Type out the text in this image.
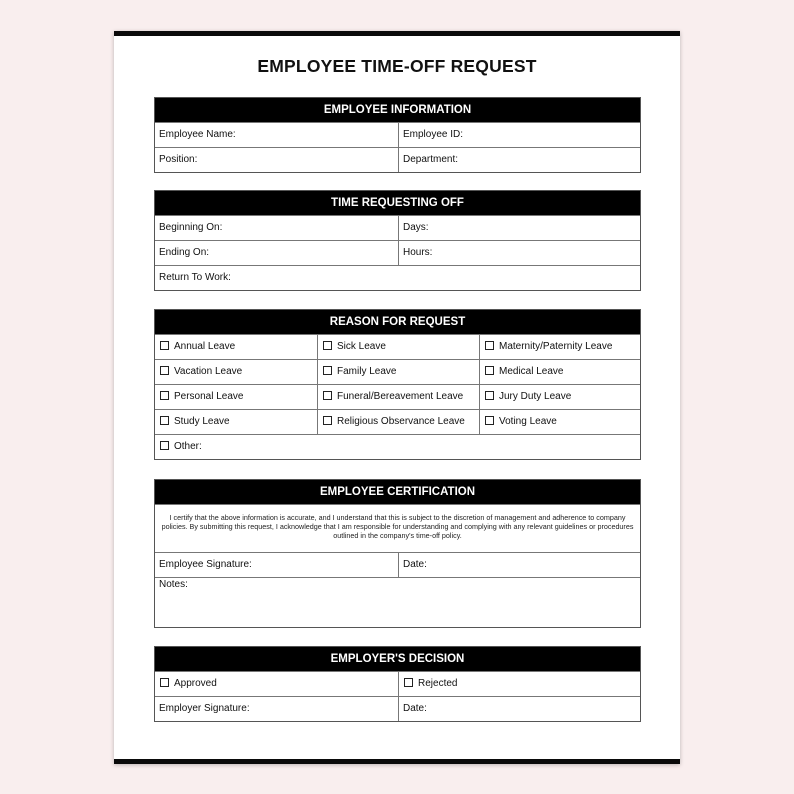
EMPLOYEE TIME-OFF REQUEST
EMPLOYEE INFORMATION
Employee Name:	Employee ID:
Position:	Department:
TIME REQUESTING OFF
Beginning On:	Days:
Ending On:	Hours:
Return To Work:
REASON FOR REQUEST
Annual Leave	Sick Leave	Maternity/Paternity Leave
Vacation Leave	Family Leave	Medical Leave
Personal Leave	Funeral/Bereavement Leave	Jury Duty Leave
Study Leave	Religious Observance Leave	Voting Leave
Other:
EMPLOYEE CERTIFICATION
I certify that the above information is accurate, and I understand that this is subject to the discretion of management and adherence to company policies. By submitting this request, I acknowledge that I am responsible for understanding and complying with any relevant guidelines or procedures outlined in the company's time-off policy.
Employee Signature:	Date:
Notes:
EMPLOYER'S DECISION
Approved	Rejected
Employer Signature:	Date:
